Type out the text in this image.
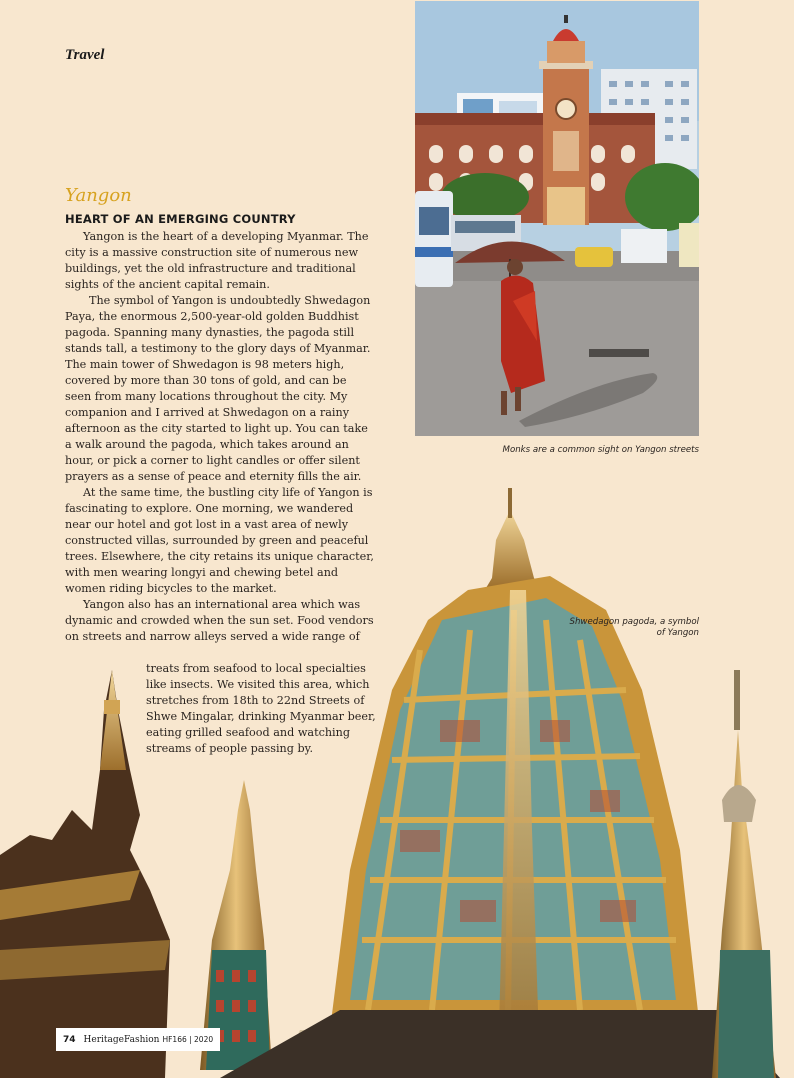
Travel
Monks are a common sight on Yangon streets
Shwedagon pagoda, a symbol of Yangon
Yangon
HEART OF AN EMERGING COUNTRY

Yangon is the heart of a developing Myanmar. The city is a massive construction site of numerous new buildings, yet the old infrastructure and traditional sights of the ancient capital remain.

The symbol of Yangon is undoubtedly Shwedagon Paya, the enormous 2,500-year-old golden Buddhist pagoda. Spanning many dynasties, the pagoda still stands tall, a testimony to the glory days of Myanmar. The main tower of Shwedagon is 98 meters high, covered by more than 30 tons of gold, and can be seen from many locations throughout the city. My companion and I arrived at Shwedagon on a rainy afternoon as the city started to light up. You can take a walk around the pagoda, which takes around an hour, or pick a corner to light candles or offer silent prayers as a sense of peace and eternity fills the air.

At the same time, the bustling city life of Yangon is fascinating to explore. One morning, we wandered near our hotel and got lost in a vast area of newly constructed villas, surrounded by green and peaceful trees. Elsewhere, the city retains its unique character, with men wearing longyi and chewing betel and women riding bicycles to the market.

Yangon also has an international area which was dynamic and crowded when the sun set. Food vendors on streets and narrow alleys served a wide range of

treats from seafood to local specialties like insects. We visited this area, which stretches from 18th to 22nd Streets of Shwe Mingalar, drinking Myanmar beer, eating grilled seafood and watching streams of people passing by.
74 HeritageFashion HF166 | 2020
